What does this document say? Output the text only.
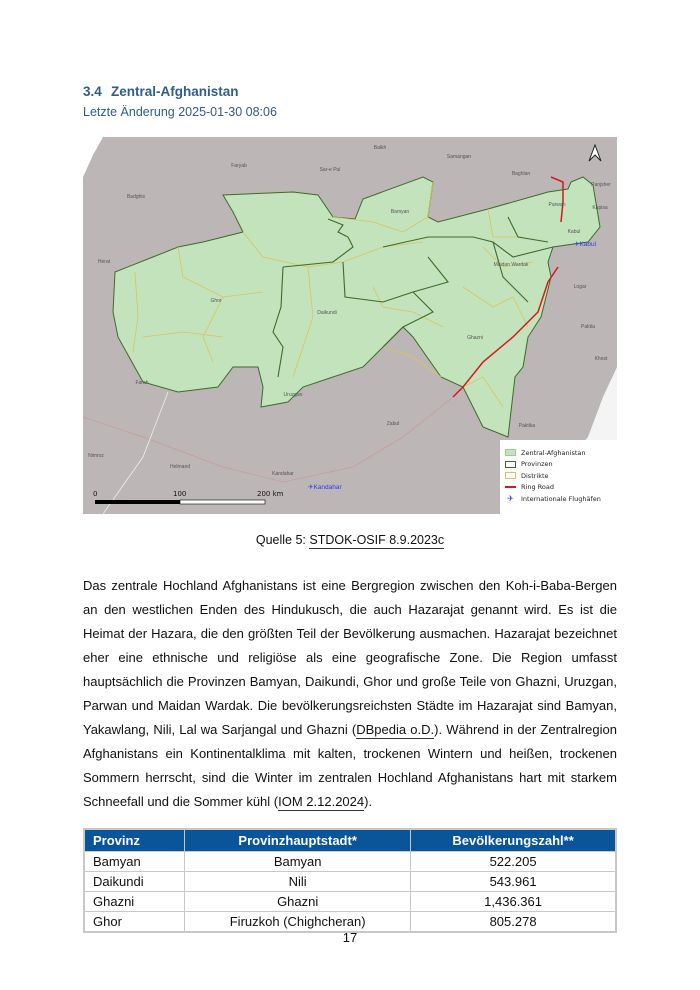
3.4 Zentral-Afghanistan
Letzte Änderung 2025-01-30 08:06
Balkh
Samangan
Faryab
Sar-e Pul
Baghlan
Panjsher
Badghis
Bamyan
Parwan	Kapisa
Kabul
Herat	Maidan Wardak
Logar
Ghor
Daikundi
Paktia
Ghazni
Khost
Farah
Uruzgan
Zabul	Paktika
Nimroz
Helmand
Kandahar
✈Kabul
✈Kandahar
0	100	200 km
Zentral-Afghanistan
Provinzen
Distrikte
Ring Road
✈	Internationale Flughäfen
Quelle 5: STDOK-OSIF 8.9.2023c

Das zentrale Hochland Afghanistans ist eine Bergregion zwischen den Koh-i-Baba-Bergen an den westlichen Enden des Hindukusch, die auch Hazarajat genannt wird. Es ist die Heimat der Hazara, die den größten Teil der Bevölkerung ausmachen. Hazarajat bezeichnet eher eine ethnische und religiöse als eine geografische Zone. Die Region umfasst hauptsächlich die Provinzen Bamyan, Daikundi, Ghor und große Teile von Ghazni, Uruzgan, Parwan und Maidan Wardak. Die bevölkerungsreichsten Städte im Hazarajat sind Bamyan, Yakawlang, Nili, Lal wa Sarjangal und Ghazni (DBpedia o.D.). Während in der Zentralregion Afghanistans ein Kontinentalklima mit kalten, trockenen Wintern und heißen, trockenen Sommern herrscht, sind die Winter im zentralen Hochland Afghanistans hart mit starkem Schneefall und die Sommer kühl (IOM 2.12.2024).

Provinz	Provinzhauptstadt*	Bevölkerungszahl**
Bamyan	Bamyan	522.205
Daikundi	Nili	543.961
Ghazni	Ghazni	1,436.361
Ghor	Firuzkoh (Chighcheran)	805.278
17
